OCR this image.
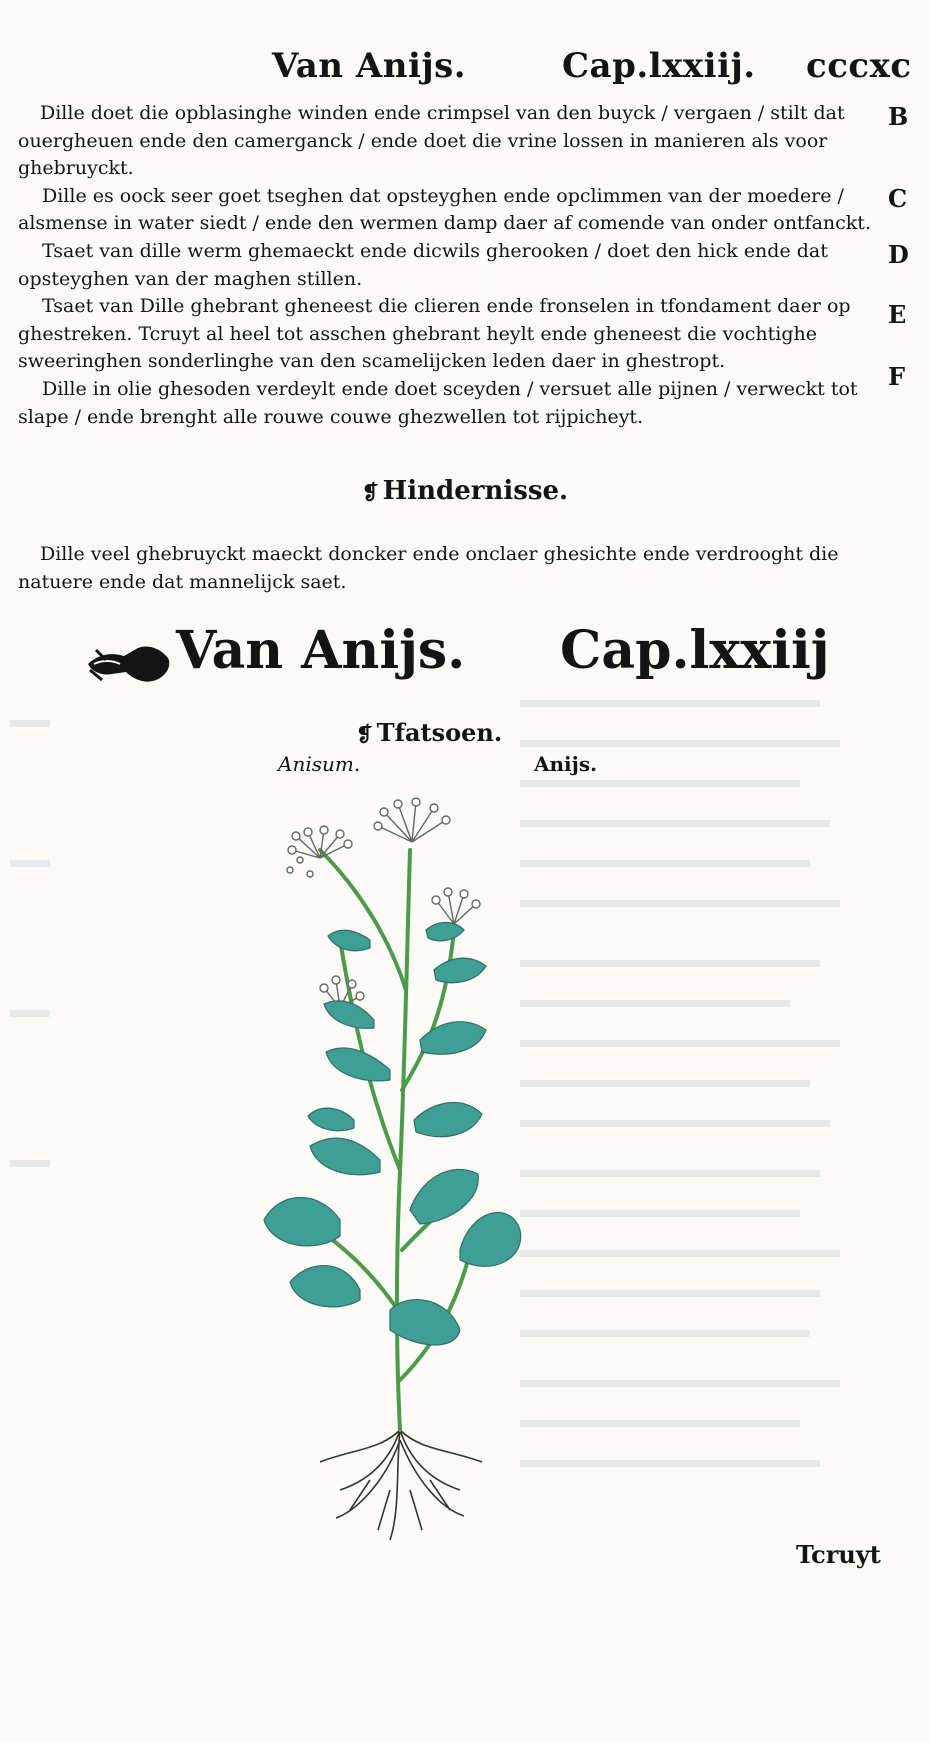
Van Anijs.	Cap.lxxiij. cccxc

Dille doet die opblasinghe winden ende crimpsel van den buyck / vergaen / stilt dat ouergheuen ende den camerganck / ende doet die vrine lossen in manieren als voor ghebruyckt.

Dille es oock seer goet tseghen dat opsteyghen ende opclimmen van der moedere / alsmense in water siedt / ende den wermen damp daer af comende van onder ontfanckt.

Tsaet van dille werm ghemaeckt ende dicwils gherooken / doet den hick ende dat opsteyghen van der maghen stillen.

Tsaet van Dille ghebrant gheneest die clieren ende fronselen in tfondament daer op ghestreken. Tcruyt al heel tot asschen ghebrant heylt ende gheneest die vochtighe sweeringhen sonderlinghe van den scamelijcken leden daer in ghestropt.

Dille in olie ghesoden verdeylt ende doet sceyden / versuet alle pijnen / verweckt tot slape / ende brenght alle rouwe couwe ghezwellen tot rijpicheyt.

B
C
D
E
F
❡ Hindernisse.

Dille veel ghebruyckt maeckt doncker ende onclaer ghesichte ende verdrooght die natuere ende dat mannelijck saet.

Van Anijs. Cap.lxxiij
❡ Tfatsoen.
Anisum.	Anijs.
Tcruyt
